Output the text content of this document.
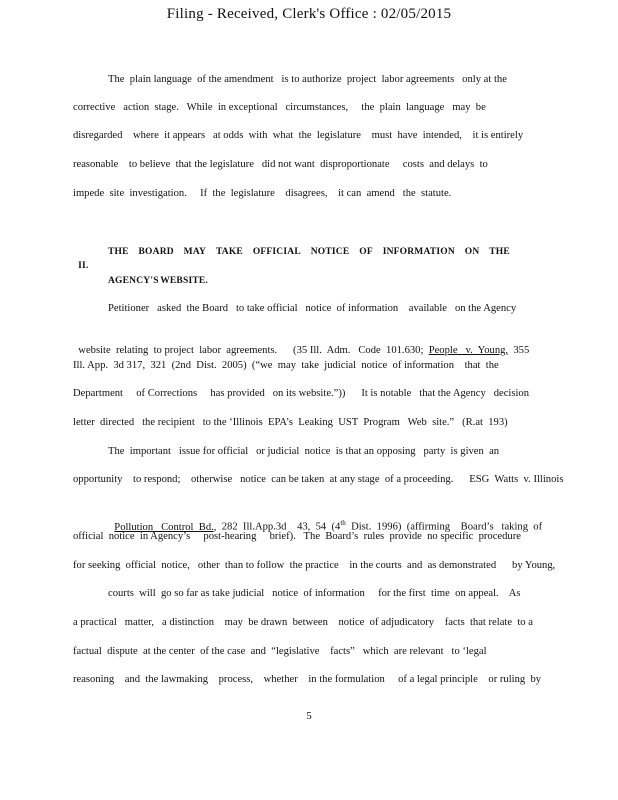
Filing - Received, Clerk's Office : 02/05/2015
The  plain language  of the amendment   is to authorize  project  labor agreements   only at the
corrective   action  stage.   While  in exceptional   circumstances,     the  plain  language   may  be
disregarded    where  it appears   at odds  with  what  the  legislature    must  have  intended,    it is entirely
reasonable    to believe  that the legislature   did not want  disproportionate     costs  and delays  to
impede  site  investigation.     If  the  legislature    disagrees,    it can  amend   the  statute.

II.

THE BOARD MAY TAKE OFFICIAL NOTICE OF INFORMATION ON THE
AGENCY'S WEBSITE.
Petitioner   asked  the Board   to take official   notice  of information    available   on the Agency

website  relating  to project  labor  agreements.      (35 Ill.  Adm.   Code  101.630;  People   v.  Young,  355

Ill. App.  3d 317,  321  (2nd  Dist.  2005)  (“we  may  take  judicial  notice  of information    that  the
Department     of Corrections     has provided   on its website.”))      It is notable   that the Agency   decision
letter  directed   the recipient   to the ‘Illinois  EPA’s  Leaking  UST  Program   Web  site.”   (R.at  193)
The  important   issue for official   or judicial  notice  is that an opposing   party  is given  an
opportunity    to respond;    otherwise   notice  can be taken  at any stage  of a proceeding.      ESG  Watts  v. Illinois

Pollution   Control  Bd.,  282  Ill.App.3d    43,  54  (4th  Dist.  1996)  (affirming    Board’s   taking  of

official  notice  in Agency’s     post-hearing     brief).   The  Board’s  rules  provide  no specific  procedure
for seeking  official  notice,   other  than to follow  the practice    in the courts  and  as demonstrated      by Young,
courts  will  go so far as take judicial   notice  of information     for the first  time  on appeal.    As
a practical   matter,   a distinction    may  be drawn  between    notice  of adjudicatory    facts  that relate  to a
factual  dispute  at the center  of the case  and  “legislative    facts”   which  are relevant   to ‘legal
reasoning    and  the lawmaking    process,    whether    in the formulation     of a legal principle    or ruling  by
5
